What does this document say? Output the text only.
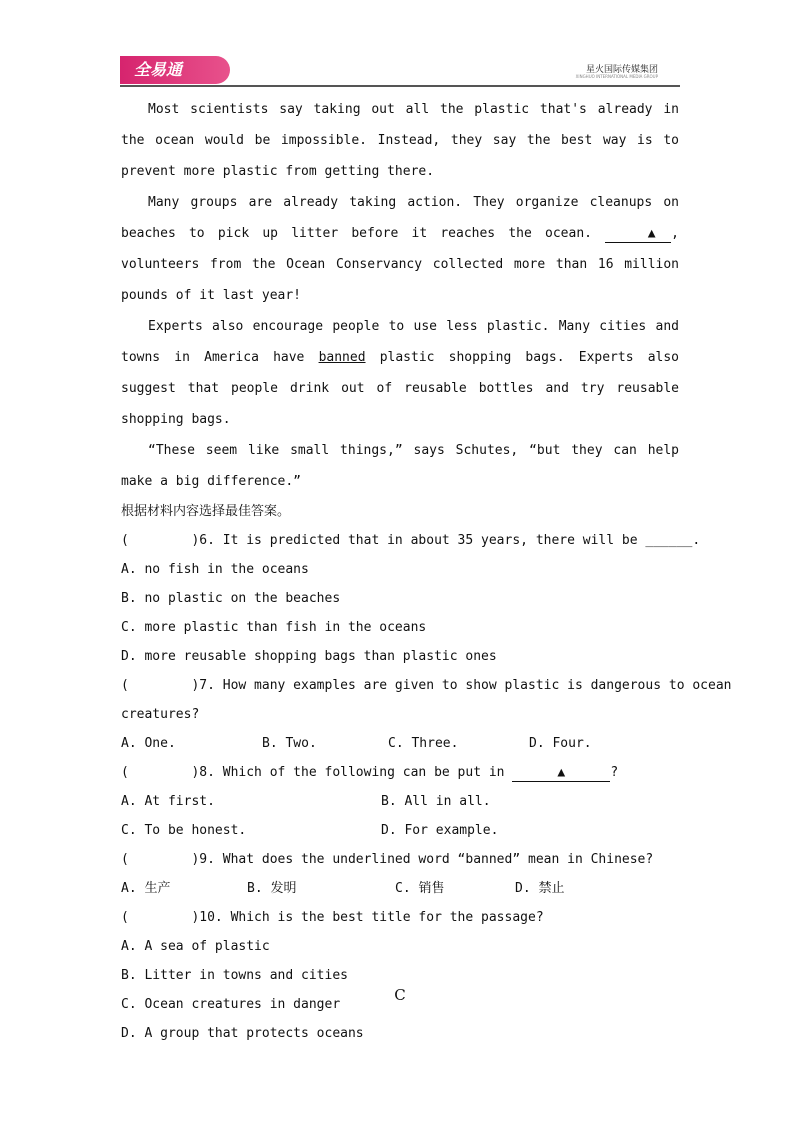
全易通	星火国际传媒集团
XINGHUO INTERNATIONAL MEDIA GROUP

Most scientists say taking out all the plastic that's already in the ocean would be impossible. Instead, they say the best way is to prevent more plastic from getting there.

Many groups are already taking action. They organize cleanups on beaches to pick up litter before it reaches the ocean.	▲ , volunteers from the Ocean Conservancy collected more than 16 million pounds of it last year!

Experts also encourage people to use less plastic. Many cities and towns in America have banned plastic shopping bags. Experts also suggest that people drink out of reusable bottles and try reusable shopping bags.

“These seem like small things,” says Schutes, “but they can help make a big difference.”

根据材料内容选择最佳答案。

(        )6. It is predicted that in about 35 years, there will be ______.

A. no fish in the oceans

B. no plastic on the beaches

C. more plastic than fish in the oceans

D. more reusable shopping bags than plastic ones

(        )7. How many examples are given to show plastic is dangerous to ocean

creatures?

A. One.	B. Two.	C. Three.	D. Four.

(        )8. Which of the following can be put in	▲	?

A. At first.	B. All in all.
C. To be honest.	D. For example.

(        )9. What does the underlined word “banned” mean in Chinese?

A. 生产	B. 发明	C. 销售	D. 禁止

(        )10. Which is the best title for the passage?

A. A sea of plastic

B. Litter in towns and cities

C. Ocean creatures in danger

D. A group that protects oceans

C
